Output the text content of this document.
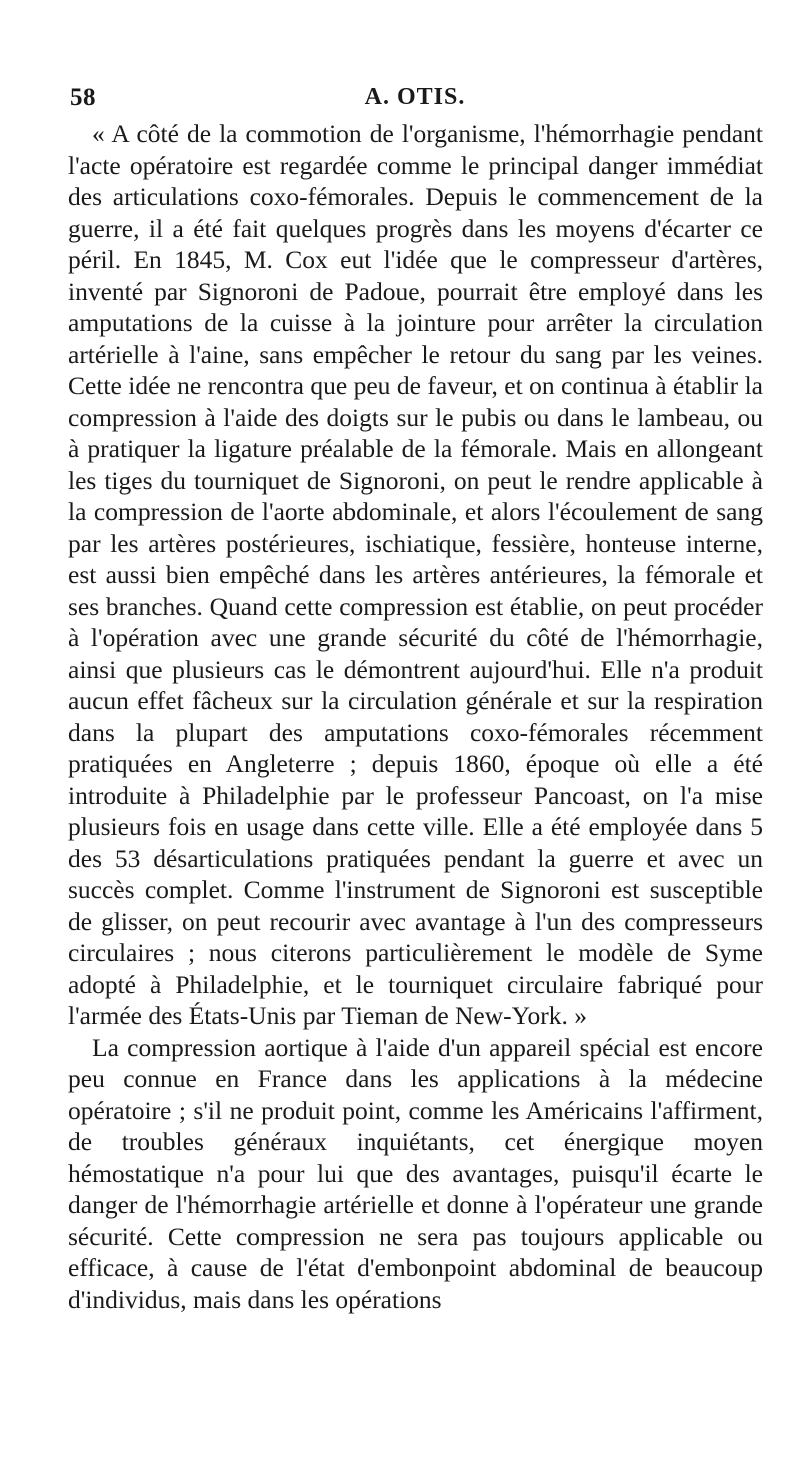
58	A. OTIS.

« A côté de la commotion de l'organisme, l'hémorrhagie pendant l'acte opératoire est regardée comme le principal danger immédiat des articulations coxo-fémorales. Depuis le commencement de la guerre, il a été fait quelques progrès dans les moyens d'écarter ce péril. En 1845, M. Cox eut l'idée que le compresseur d'artères, inventé par Signoroni de Padoue, pourrait être employé dans les amputations de la cuisse à la jointure pour arrêter la circulation artérielle à l'aine, sans empêcher le retour du sang par les veines. Cette idée ne rencontra que peu de faveur, et on continua à établir la compression à l'aide des doigts sur le pubis ou dans le lambeau, ou à pratiquer la ligature préalable de la fémorale. Mais en allongeant les tiges du tourniquet de Signoroni, on peut le rendre applicable à la compression de l'aorte abdominale, et alors l'écoulement de sang par les artères postérieures, ischiatique, fessière, honteuse interne, est aussi bien empêché dans les artères antérieures, la fémorale et ses branches. Quand cette compression est établie, on peut procéder à l'opération avec une grande sécurité du côté de l'hémorrhagie, ainsi que plusieurs cas le démontrent aujourd'hui. Elle n'a produit aucun effet fâcheux sur la circulation générale et sur la respiration dans la plupart des amputations coxo-fémorales récemment pratiquées en Angleterre ; depuis 1860, époque où elle a été introduite à Philadelphie par le professeur Pancoast, on l'a mise plusieurs fois en usage dans cette ville. Elle a été employée dans 5 des 53 désarticulations pratiquées pendant la guerre et avec un succès complet. Comme l'instrument de Signoroni est susceptible de glisser, on peut recourir avec avantage à l'un des compresseurs circulaires ; nous citerons particulièrement le modèle de Syme adopté à Philadelphie, et le tourniquet circulaire fabriqué pour l'armée des États-Unis par Tieman de New-York. »

La compression aortique à l'aide d'un appareil spécial est encore peu connue en France dans les applications à la médecine opératoire ; s'il ne produit point, comme les Américains l'affirment, de troubles généraux inquiétants, cet énergique moyen hémostatique n'a pour lui que des avantages, puisqu'il écarte le danger de l'hémorrhagie artérielle et donne à l'opérateur une grande sécurité. Cette compression ne sera pas toujours applicable ou efficace, à cause de l'état d'embonpoint abdominal de beaucoup d'individus, mais dans les opérations
